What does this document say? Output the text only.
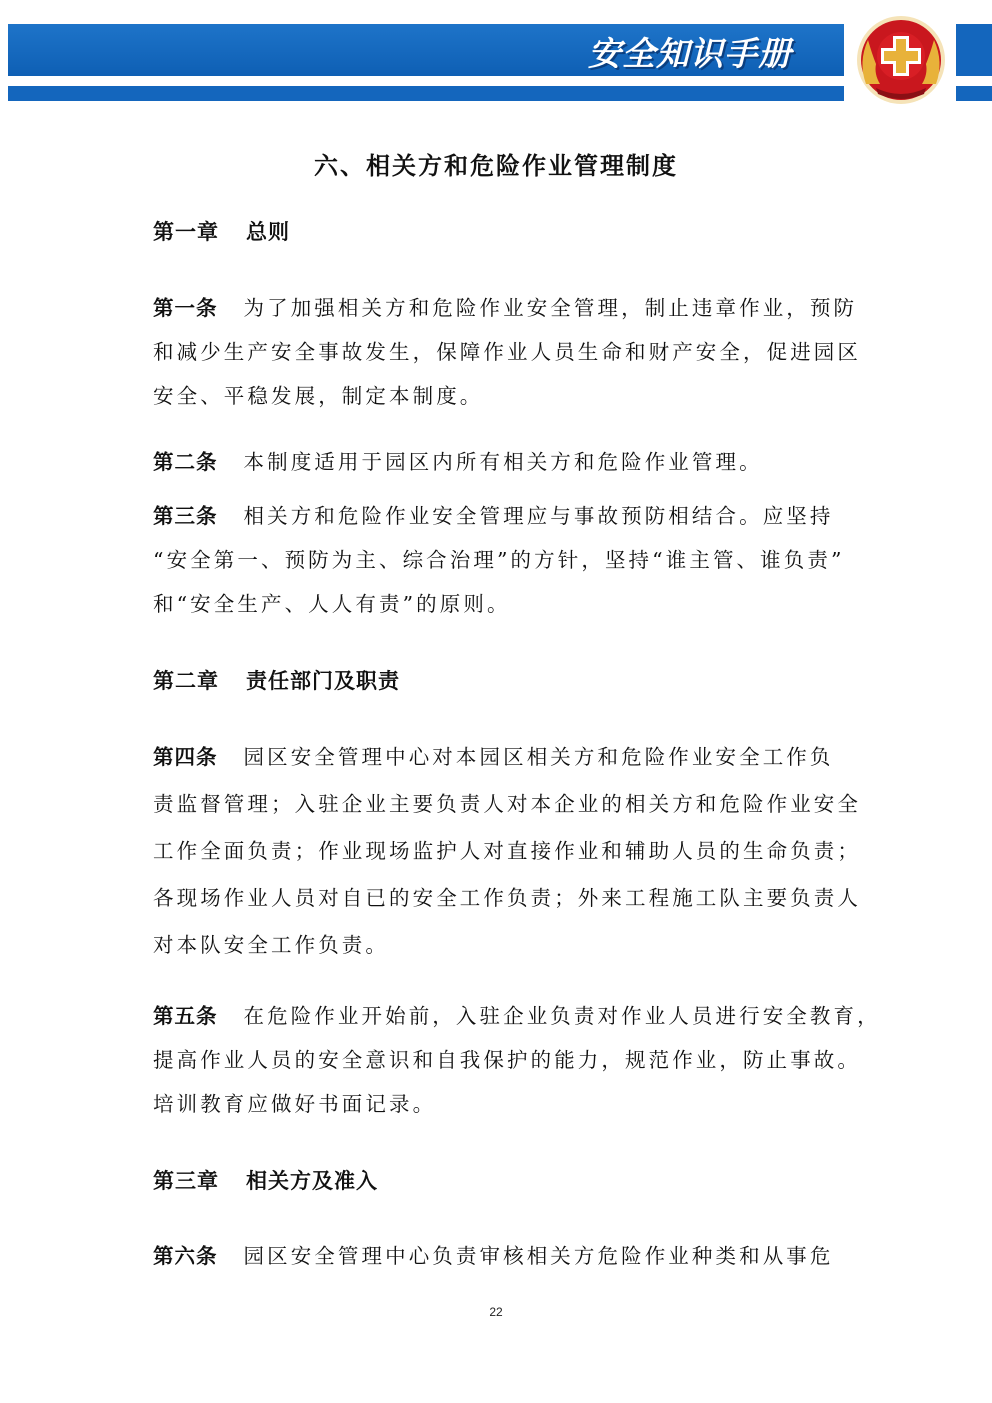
安全知识手册
六、相关方和危险作业管理制度
第一章 总则
第一条 为了加强相关方和危险作业安全管理，制止违章作业，预防
和减少生产安全事故发生，保障作业人员生命和财产安全，促进园区
安全、平稳发展，制定本制度。
第二条 本制度适用于园区内所有相关方和危险作业管理。
第三条 相关方和危险作业安全管理应与事故预防相结合。应坚持
“安全第一、预防为主、综合治理”的方针，坚持“谁主管、谁负责”
和“安全生产、人人有责”的原则。
第二章 责任部门及职责
第四条 园区安全管理中心对本园区相关方和危险作业安全工作负
责监督管理；入驻企业主要负责人对本企业的相关方和危险作业安全
工作全面负责；作业现场监护人对直接作业和辅助人员的生命负责；
各现场作业人员对自已的安全工作负责；外来工程施工队主要负责人
对本队安全工作负责。
第五条 在危险作业开始前，入驻企业负责对作业人员进行安全教育，
提高作业人员的安全意识和自我保护的能力，规范作业，防止事故。
培训教育应做好书面记录。
第三章 相关方及准入
第六条 园区安全管理中心负责审核相关方危险作业种类和从事危
22
